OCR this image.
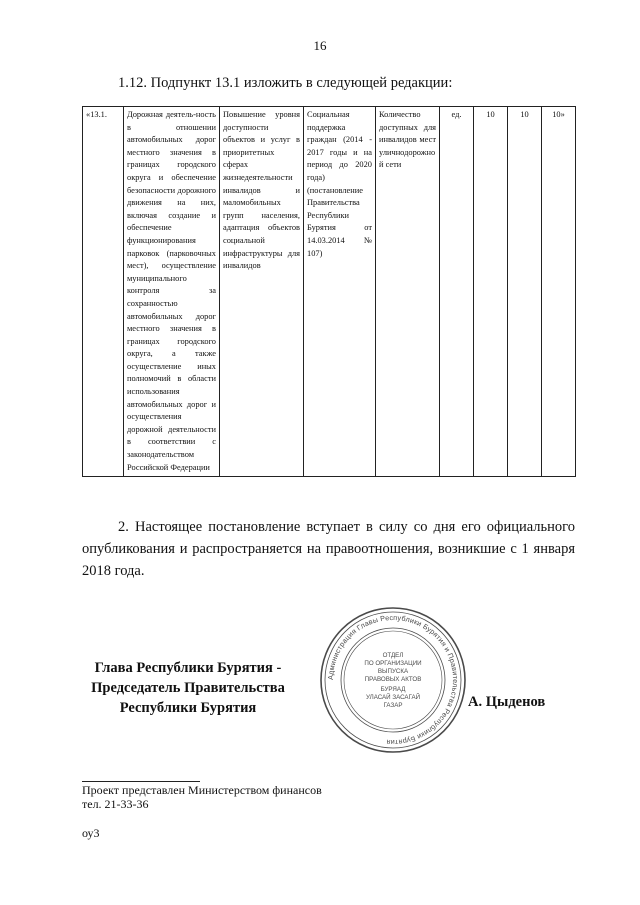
16
1.12. Подпункт 13.1 изложить в следующей редакции:
«13.1.	Дорожная деятель-ность в отношении автомобильных дорог местного значения в границах городского округа и обеспечение безопасности дорожного движения на них, включая создание и обеспечение функционирования парковок (парковочных мест), осуществление муниципального контроля за сохранностью автомобильных дорог местного значения в границах городского округа, а также осуществление иных полномочий в области использования автомобильных дорог и осуществления дорожной деятельности в соответствии с законодательством Российской Федерации	Повышение уровня доступности объектов и услуг в приоритетных сферах жизнедеятельности инвалидов и маломобильных групп населения, адаптация объектов социальной инфраструктуры для инвалидов	Социальная поддержка граждан (2014 - 2017 годы и на период до 2020 года) (постановление Правительства Республики Бурятия от 14.03.2014 № 107)	Количество доступных для инвалидов мест уличнодорожной сети	ед.	10	10	10»
2. Настоящее постановление вступает в силу со дня его официального опубликования и распространяется на правоотношения, возникшие с 1 января 2018 года.
Глава Республики Бурятия -
Председатель Правительства
Республики Бурятия
Администрация Главы Республики Бурятия и Правительства Республики Бурятия
ОТДЕЛ
ПО ОРГАНИЗАЦИИ
ВЫПУСКА
ПРАВОВЫХ АКТОВ
БУРЯАД
УЛАСАЙ ЗАСАГАЙ
ГАЗАР	А. Цыденов
Проект представлен Министерством финансов
тел. 21-33-36
оу3
